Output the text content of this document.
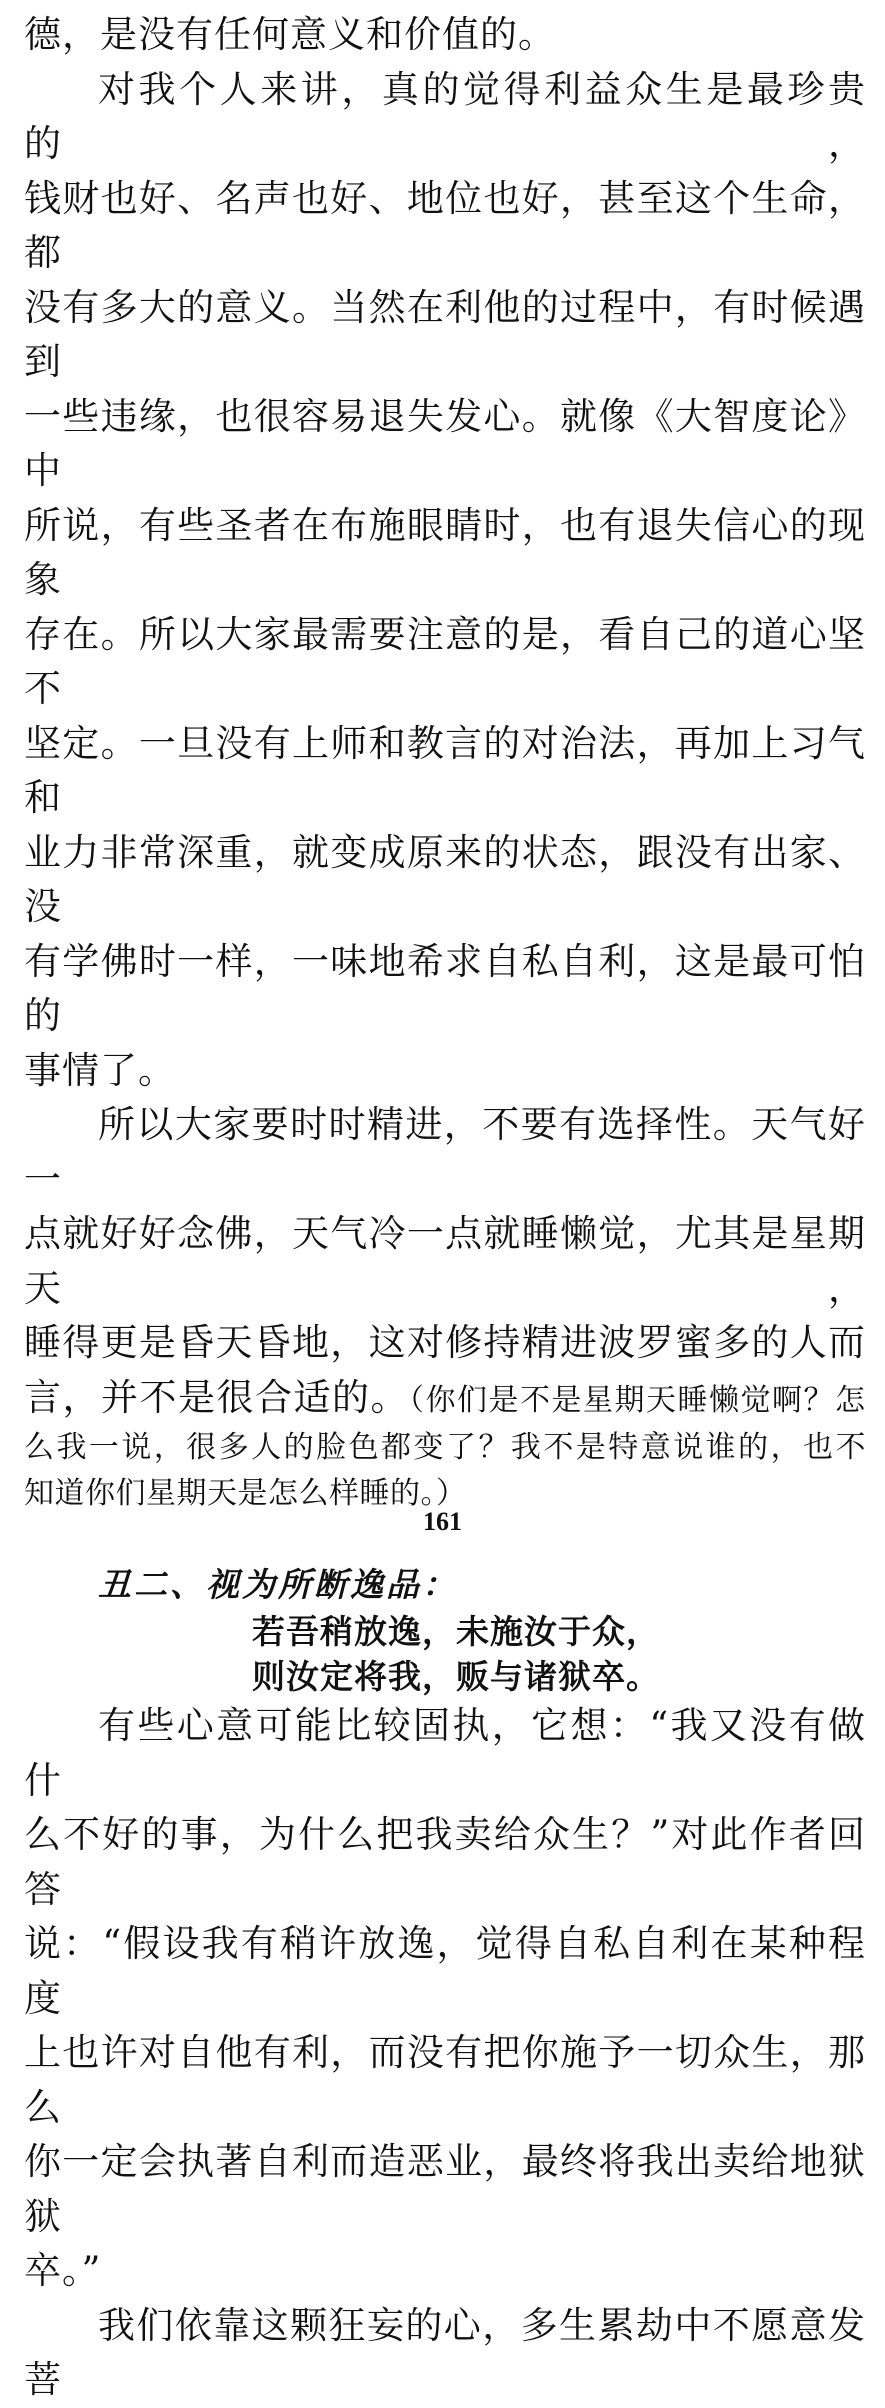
德，是没有任何意义和价值的。

对我个人来讲，真的觉得利益众生是最珍贵的，

钱财也好、名声也好、地位也好，甚至这个生命，都

没有多大的意义。当然在利他的过程中，有时候遇到

一些违缘，也很容易退失发心。就像《大智度论》中

所说，有些圣者在布施眼睛时，也有退失信心的现象

存在。所以大家最需要注意的是，看自己的道心坚不

坚定。一旦没有上师和教言的对治法，再加上习气和

业力非常深重，就变成原来的状态，跟没有出家、没

有学佛时一样，一味地希求自私自利，这是最可怕的

事情了。

所以大家要时时精进，不要有选择性。天气好一

点就好好念佛，天气冷一点就睡懒觉，尤其是星期天，

睡得更是昏天昏地，这对修持精进波罗蜜多的人而

言，并不是很合适的。（你们是不是星期天睡懒觉啊？怎

么我一说，很多人的脸色都变了？我不是特意说谁的，也不

知道你们星期天是怎么样睡的。）

丑二、视为所断逸品：

若吾稍放逸，未施汝于众，

则汝定将我，贩与诸狱卒。

有些心意可能比较固执，它想：“我又没有做什

么不好的事，为什么把我卖给众生？”对此作者回答

说：“假设我有稍许放逸，觉得自私自利在某种程度

上也许对自他有利，而没有把你施予一切众生，那么

你一定会执著自利而造恶业，最终将我出卖给地狱狱

卒。”

我们依靠这颗狂妄的心，多生累劫中不愿意发菩

161
